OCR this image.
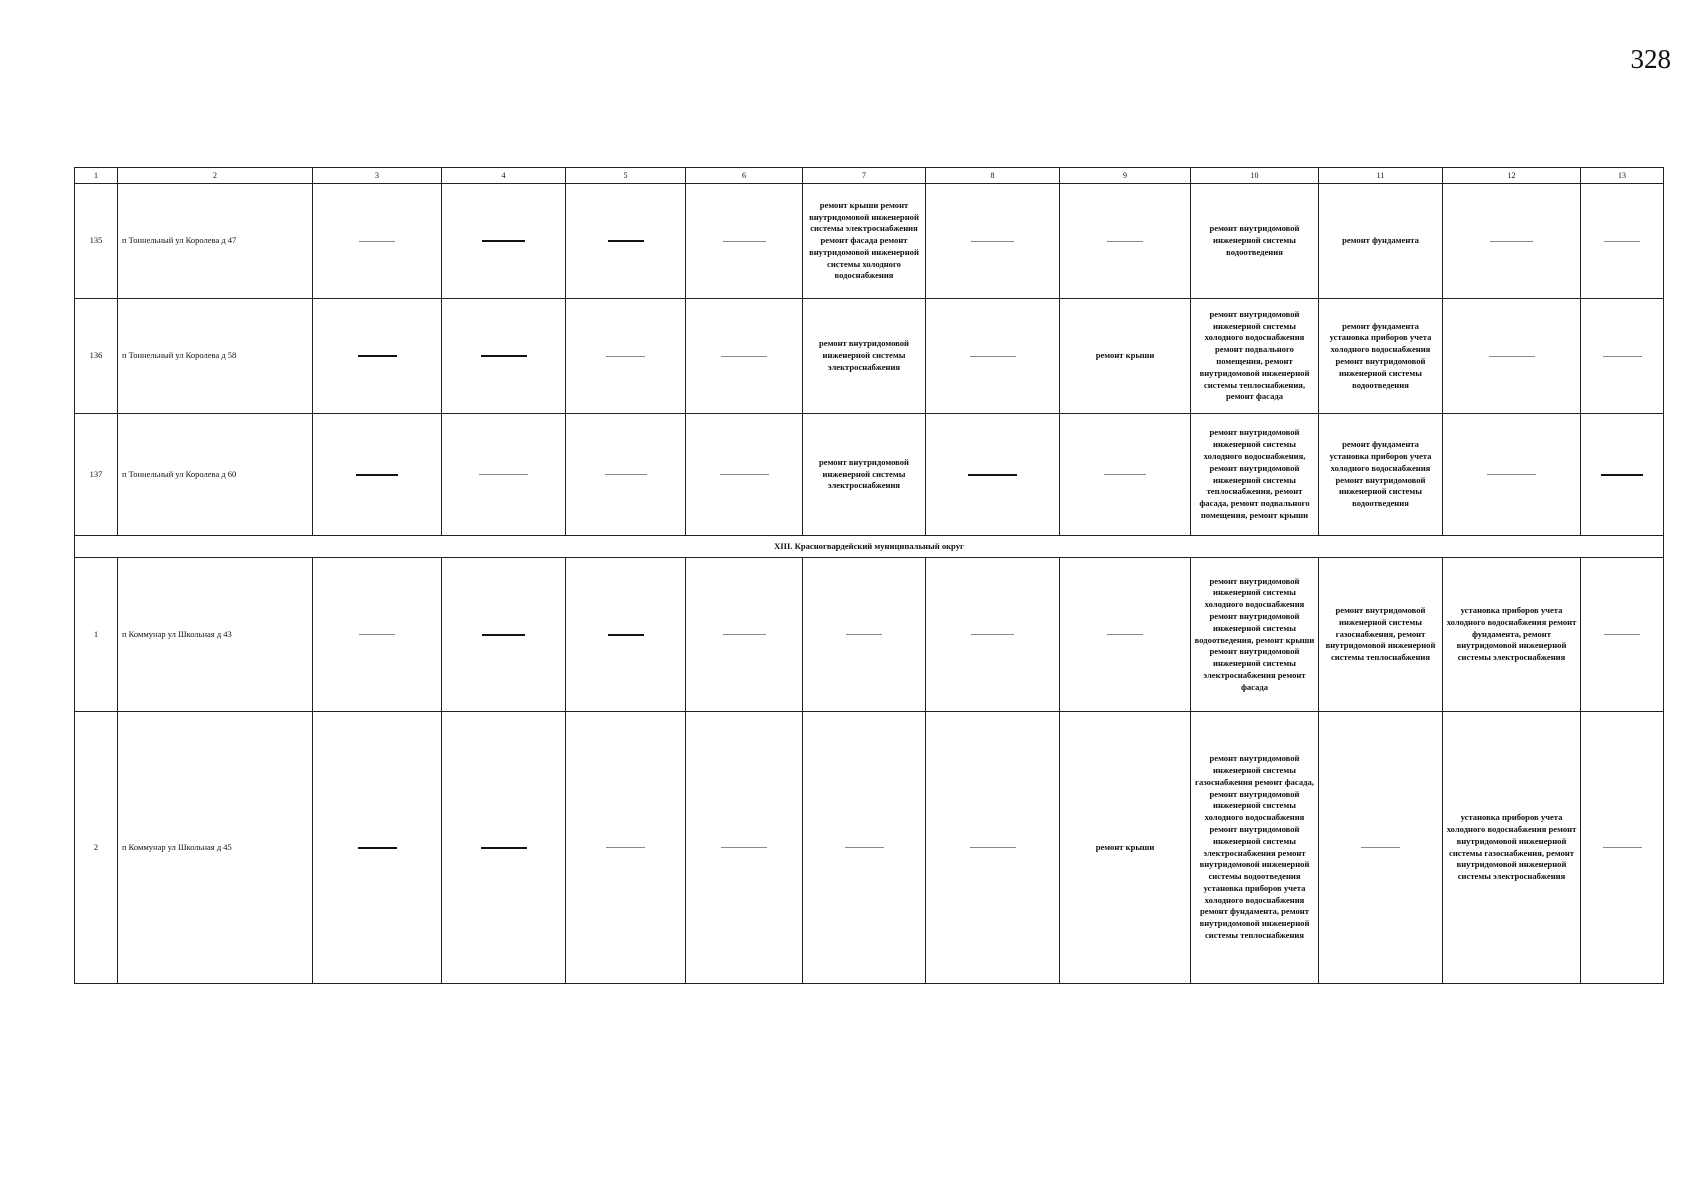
328
1	2	3	4	5	6	7	8	9	10	11	12	13
135	п Тоннельный ул Королева д 47					ремонт крыши ремонт внутридомовой инженерной системы электроснабжения ремонт фасада ремонт внутридомовой инженерной системы холодного водоснабжения			ремонт внутридомовой инженерной системы водоотведения	ремонт фундамента		
136	п Тоннельный ул Королева д 58					ремонт внутридомовой инженерной системы электроснабжения		ремонт крыши	ремонт внутридомовой инженерной системы холодного водоснабжения ремонт подвального помещения, ремонт внутридомовой инженерной системы теплоснабжения, ремонт фасада	ремонт фундамента установка приборов учета холодного водоснабжения ремонт внутридомовой инженерной системы водоотведения		
137	п Тоннельный ул Королева д 60					ремонт внутридомовой инженерной системы электроснабжения			ремонт внутридомовой инженерной системы холодного водоснабжения, ремонт внутридомовой инженерной системы теплоснабжения, ремонт фасада, ремонт подвального помещения, ремонт крыши	ремонт фундамента установка приборов учета холодного водоснабжения ремонт внутридомовой инженерной системы водоотведения		
XIII. Красногвардейский муниципальный округ												
1	п Коммунар ул Школьная д 43								ремонт внутридомовой инженерной системы холодного водоснабжения ремонт внутридомовой инженерной системы водоотведения, ремонт крыши ремонт внутридомовой инженерной системы электроснабжения ремонт фасада	ремонт внутридомовой инженерной системы газоснабжения, ремонт внутридомовой инженерной системы теплоснабжения	установка приборов учета холодного водоснабжения ремонт фундамента, ремонт внутридомовой инженерной системы электроснабжения	
2	п Коммунар ул Школьная д 45							ремонт крыши	ремонт внутридомовой инженерной системы газоснабжения ремонт фасада, ремонт внутридомовой инженерной системы холодного водоснабжения ремонт внутридомовой инженерной системы электроснабжения ремонт внутридомовой инженерной системы водоотведения установка приборов учета холодного водоснабжения ремонт фундамента, ремонт внутридомовой инженерной системы теплоснабжения		установка приборов учета холодного водоснабжения ремонт внутридомовой инженерной системы газоснабжения, ремонт внутридомовой инженерной системы электроснабжения	
